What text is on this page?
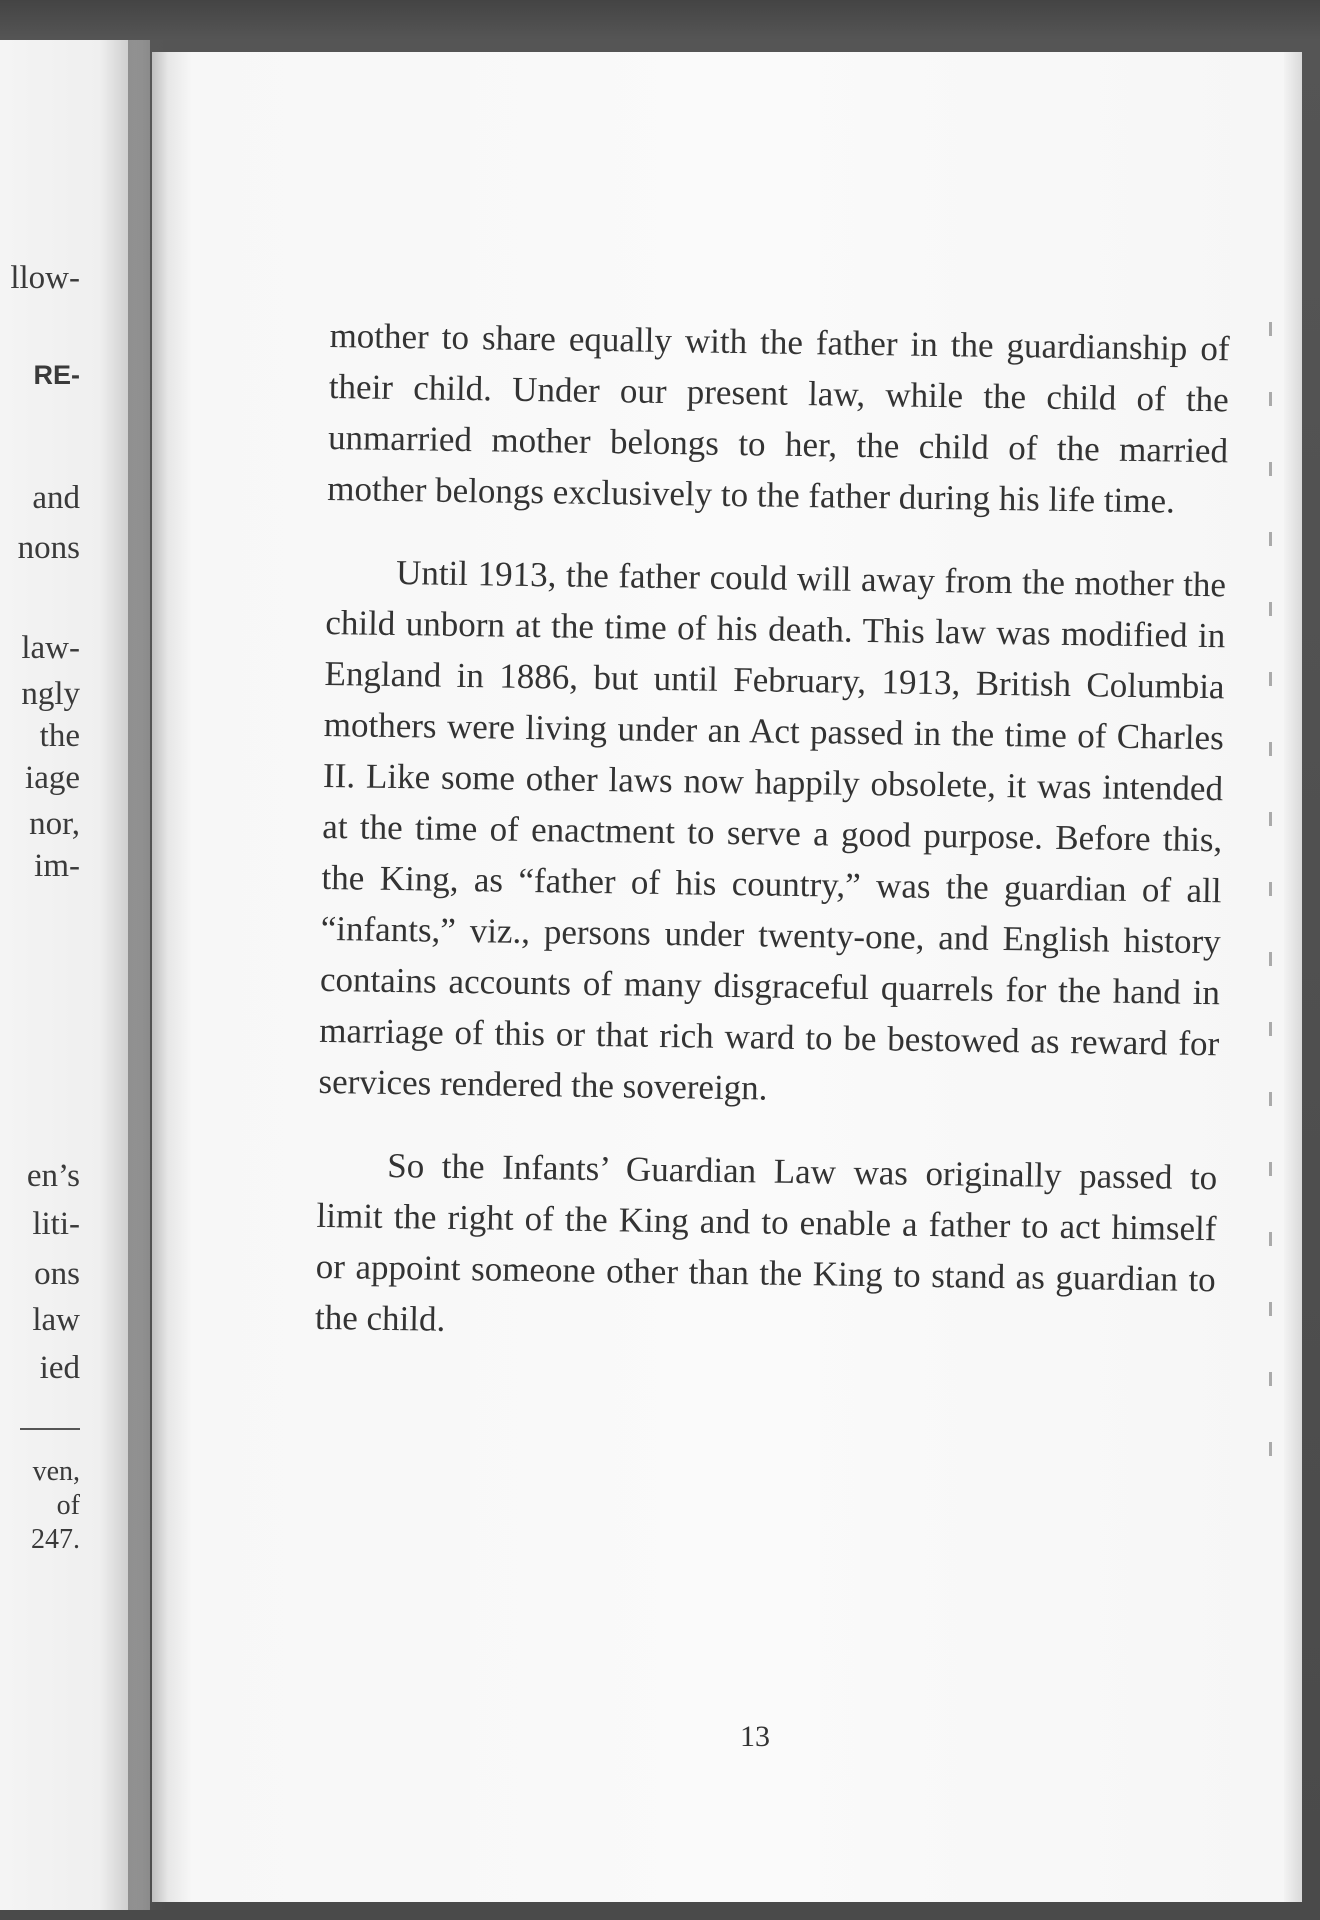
llow-
RE-
and
nons
law-
ngly
the
iage
nor,
im-
en’s
liti-
ons
law
ied
ven,
of
247.

mother to share equally with the father in the guardianship of their child. Under our present law, while the child of the unmarried mother belongs to her, the child of the married mother belongs exclusively to the father during his life time.

Until 1913, the father could will away from the mother the child unborn at the time of his death. This law was modified in England in 1886, but until February, 1913, British Columbia mothers were living under an Act passed in the time of Charles II. Like some other laws now happily obsolete, it was intended at the time of enactment to serve a good purpose. Before this, the King, as “father of his country,” was the guardian of all “infants,” viz., persons under twenty-one, and English history contains accounts of many disgraceful quarrels for the hand in marriage of this or that rich ward to be bestowed as reward for services rendered the sovereign.

So the Infants’ Guardian Law was originally passed to limit the right of the King and to enable a father to act himself or appoint someone other than the King to stand as guardian to the child.

13
